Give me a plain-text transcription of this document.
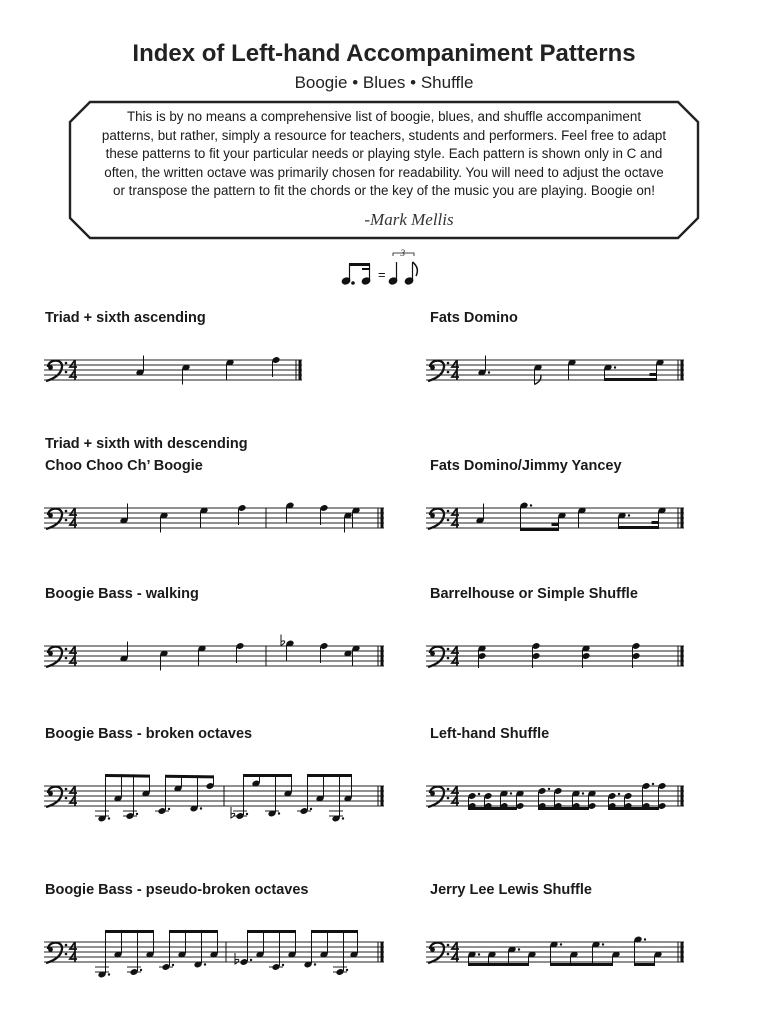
Index of Left-hand Accompaniment Patterns
Boogie • Blues • Shuffle
This is by no means a comprehensive list of boogie, blues, and shuffle accompaniment
patterns, but rather, simply a resource for teachers, students and performers. Feel free to adapt
these patterns to fit your particular needs or playing style. Each pattern is shown only in C and
often, the written octave was primarily chosen for readability. You will need to adjust the octave
or transpose the pattern to fit the chords or the key of the music you are playing. Boogie on!
-Mark Mellis
=
3
Triad + sixth ascending	Fats Domino
Triad + sixth with descending
Choo Choo Ch’ Boogie	Fats Domino/Jimmy Yancey
Boogie Bass - walking	Barrelhouse or Simple Shuffle
Boogie Bass - broken octaves	Left-hand Shuffle
Boogie Bass - pseudo-broken octaves	Jerry Lee Lewis Shuffle
